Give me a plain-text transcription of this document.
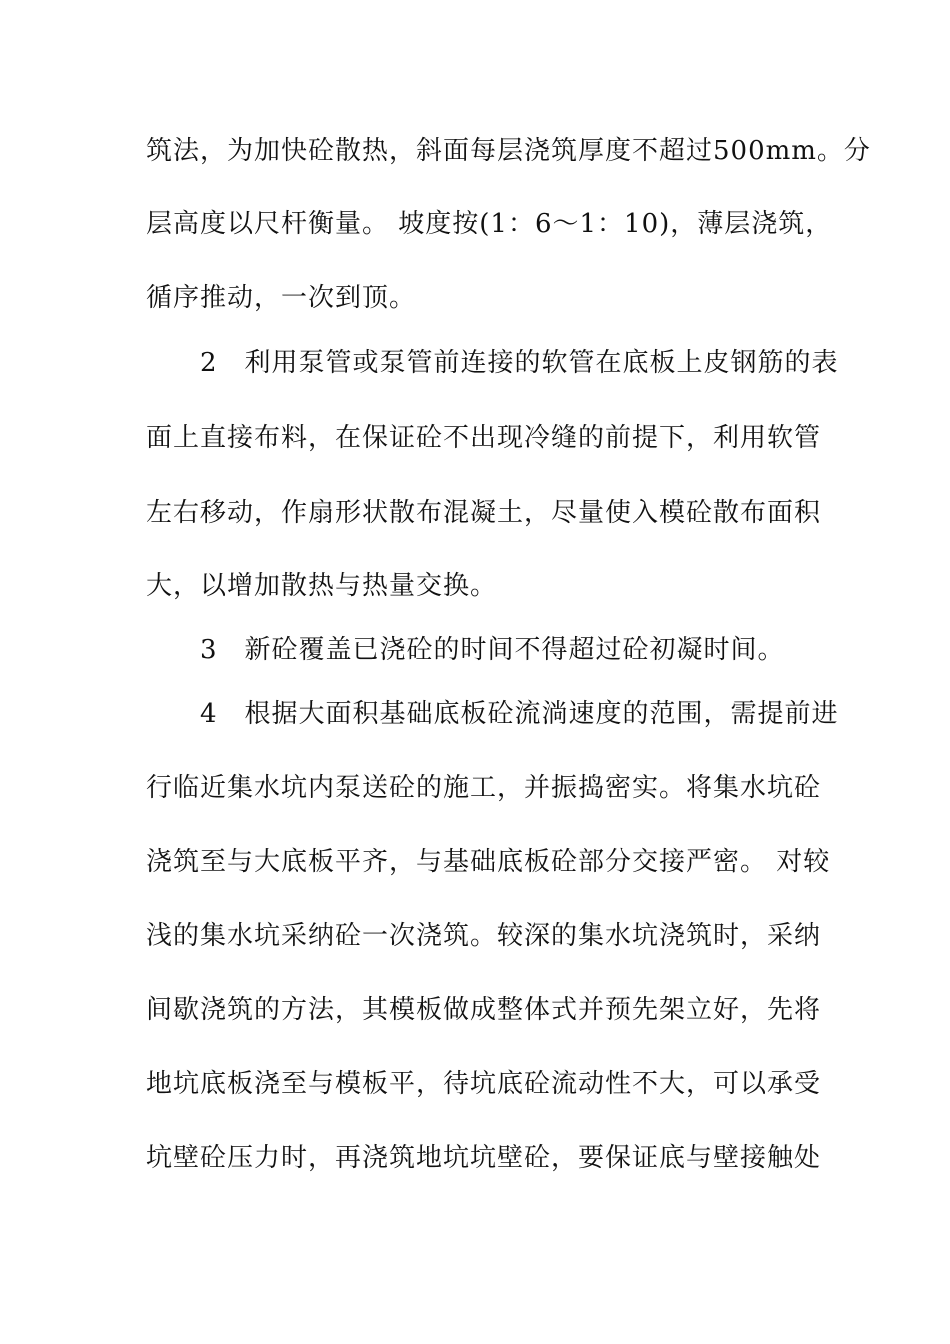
筑法，为加快砼散热，斜面每层浇筑厚度不超过500mm。分
层高度以尺杆衡量。 坡度按(1：6～1：10)，薄层浇筑，
循序推动，一次到顶。
　　2　利用泵管或泵管前连接的软管在底板上皮钢筋的表
面上直接布料，在保证砼不出现冷缝的前提下，利用软管
左右移动，作扇形状散布混凝土，尽量使入模砼散布面积
大，以增加散热与热量交换。
　　3　新砼覆盖已浇砼的时间不得超过砼初凝时间。
　　4　根据大面积基础底板砼流淌速度的范围，需提前进
行临近集水坑内泵送砼的施工，并振捣密实。将集水坑砼
浇筑至与大底板平齐，与基础底板砼部分交接严密。 对较
浅的集水坑采纳砼一次浇筑。较深的集水坑浇筑时，采纳
间歇浇筑的方法，其模板做成整体式并预先架立好，先将
地坑底板浇至与模板平，待坑底砼流动性不大，可以承受
坑壁砼压力时，再浇筑地坑坑壁砼，要保证底与壁接触处
